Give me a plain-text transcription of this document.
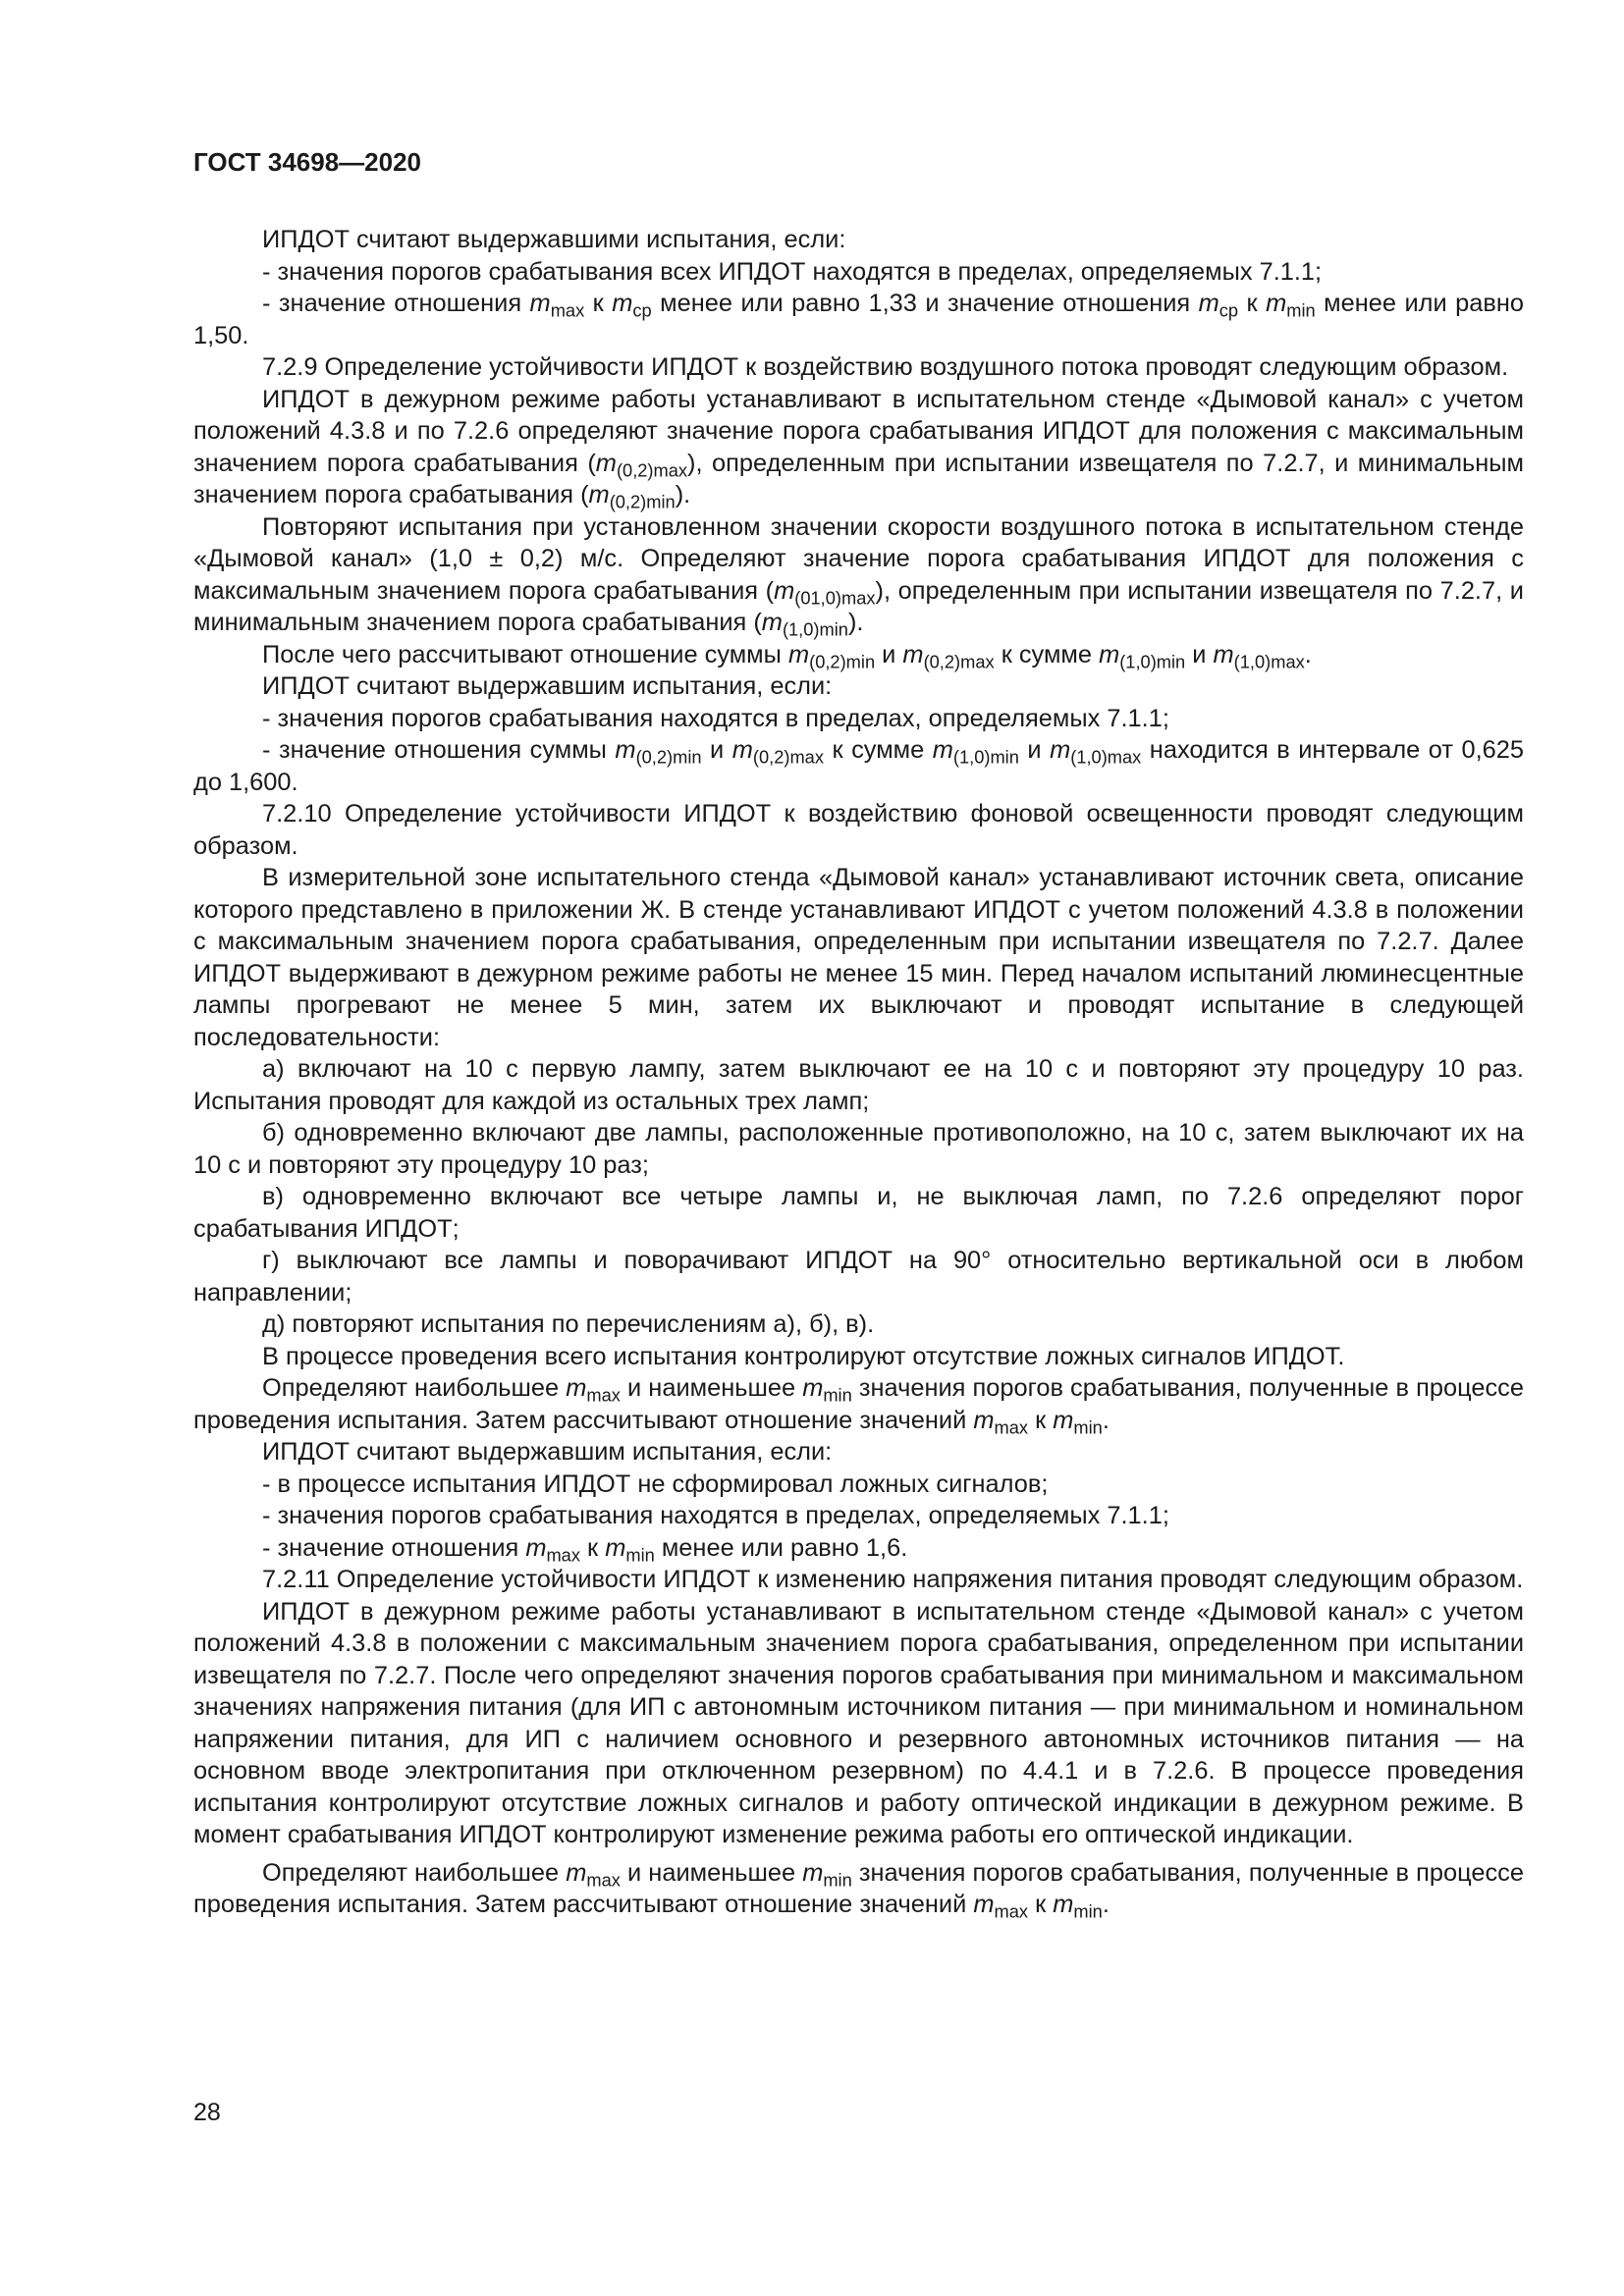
ГОСТ 34698—2020

ИПДОТ считают выдержавшими испытания, если:

- значения порогов срабатывания всех ИПДОТ находятся в пределах, определяемых 7.1.1;

- значение отношения $m_{max}$ к $m_{ср}$ менее или равно 1,33 и значение отношения $m_{ср}$ к $m_{min}$ менее или равно 1,50.

7.2.9 Определение устойчивости ИПДОТ к воздействию воздушного потока проводят следующим образом.

ИПДОТ в дежурном режиме работы устанавливают в испытательном стенде «Дымовой канал» с учетом положений 4.3.8 и по 7.2.6 определяют значение порога срабатывания ИПДОТ для положения с максимальным значением порога срабатывания $(m_{(0,2)max})$, определенным при испытании извещателя по 7.2.7, и минимальным значением порога срабатывания $(m_{(0,2)min})$.

Повторяют испытания при установленном значении скорости воздушного потока в испытательном стенде «Дымовой канал» (1,0 ± 0,2) м/с. Определяют значение порога срабатывания ИПДОТ для положения с максимальным значением порога срабатывания $(m_{(01,0)max})$, определенным при испытании извещателя по 7.2.7, и минимальным значением порога срабатывания $(m_{(1,0)min})$.

После чего рассчитывают отношение суммы $m_{(0,2)min}$ и $m_{(0,2)max}$ к сумме $m_{(1,0)min}$ и $m_{(1,0)max}$.

ИПДОТ считают выдержавшим испытания, если:

- значения порогов срабатывания находятся в пределах, определяемых 7.1.1;

- значение отношения суммы $m_{(0,2)min}$ и $m_{(0,2)max}$ к сумме $m_{(1,0)min}$ и $m_{(1,0)max}$ находится в интервале от 0,625 до 1,600.

7.2.10 Определение устойчивости ИПДОТ к воздействию фоновой освещенности проводят следующим образом.

В измерительной зоне испытательного стенда «Дымовой канал» устанавливают источник света, описание которого представлено в приложении Ж. В стенде устанавливают ИПДОТ с учетом положений 4.3.8 в положении с максимальным значением порога срабатывания, определенным при испытании извещателя по 7.2.7. Далее ИПДОТ выдерживают в дежурном режиме работы не менее 15 мин. Перед началом испытаний люминесцентные лампы прогревают не менее 5 мин, затем их выключают и проводят испытание в следующей последовательности:

а) включают на 10 с первую лампу, затем выключают ее на 10 с и повторяют эту процедуру 10 раз. Испытания проводят для каждой из остальных трех ламп;

б) одновременно включают две лампы, расположенные противоположно, на 10 с, затем выключают их на 10 с и повторяют эту процедуру 10 раз;

в) одновременно включают все четыре лампы и, не выключая ламп, по 7.2.6 определяют порог срабатывания ИПДОТ;

г) выключают все лампы и поворачивают ИПДОТ на 90° относительно вертикальной оси в любом направлении;

д) повторяют испытания по перечислениям а), б), в).

В процессе проведения всего испытания контролируют отсутствие ложных сигналов ИПДОТ.

Определяют наибольшее $m_{max}$ и наименьшее $m_{min}$ значения порогов срабатывания, полученные в процессе проведения испытания. Затем рассчитывают отношение значений $m_{max}$ к $m_{min}$.

ИПДОТ считают выдержавшим испытания, если:

- в процессе испытания ИПДОТ не сформировал ложных сигналов;

- значения порогов срабатывания находятся в пределах, определяемых 7.1.1;

- значение отношения $m_{max}$ к $m_{min}$ менее или равно 1,6.

7.2.11 Определение устойчивости ИПДОТ к изменению напряжения питания проводят следующим образом.

ИПДОТ в дежурном режиме работы устанавливают в испытательном стенде «Дымовой канал» с учетом положений 4.3.8 в положении с максимальным значением порога срабатывания, определенном при испытании извещателя по 7.2.7. После чего определяют значения порогов срабатывания при минимальном и максимальном значениях напряжения питания (для ИП с автономным источником питания — при минимальном и номинальном напряжении питания, для ИП с наличием основного и резервного автономных источников питания — на основном вводе электропитания при отключенном резервном) по 4.4.1 и в 7.2.6. В процессе проведения испытания контролируют отсутствие ложных сигналов и работу оптической индикации в дежурном режиме. В момент срабатывания ИПДОТ контролируют изменение режима работы его оптической индикации.

Определяют наибольшее $m_{max}$ и наименьшее $m_{min}$ значения порогов срабатывания, полученные в процессе проведения испытания. Затем рассчитывают отношение значений $m_{max}$ к $m_{min}$.

28
